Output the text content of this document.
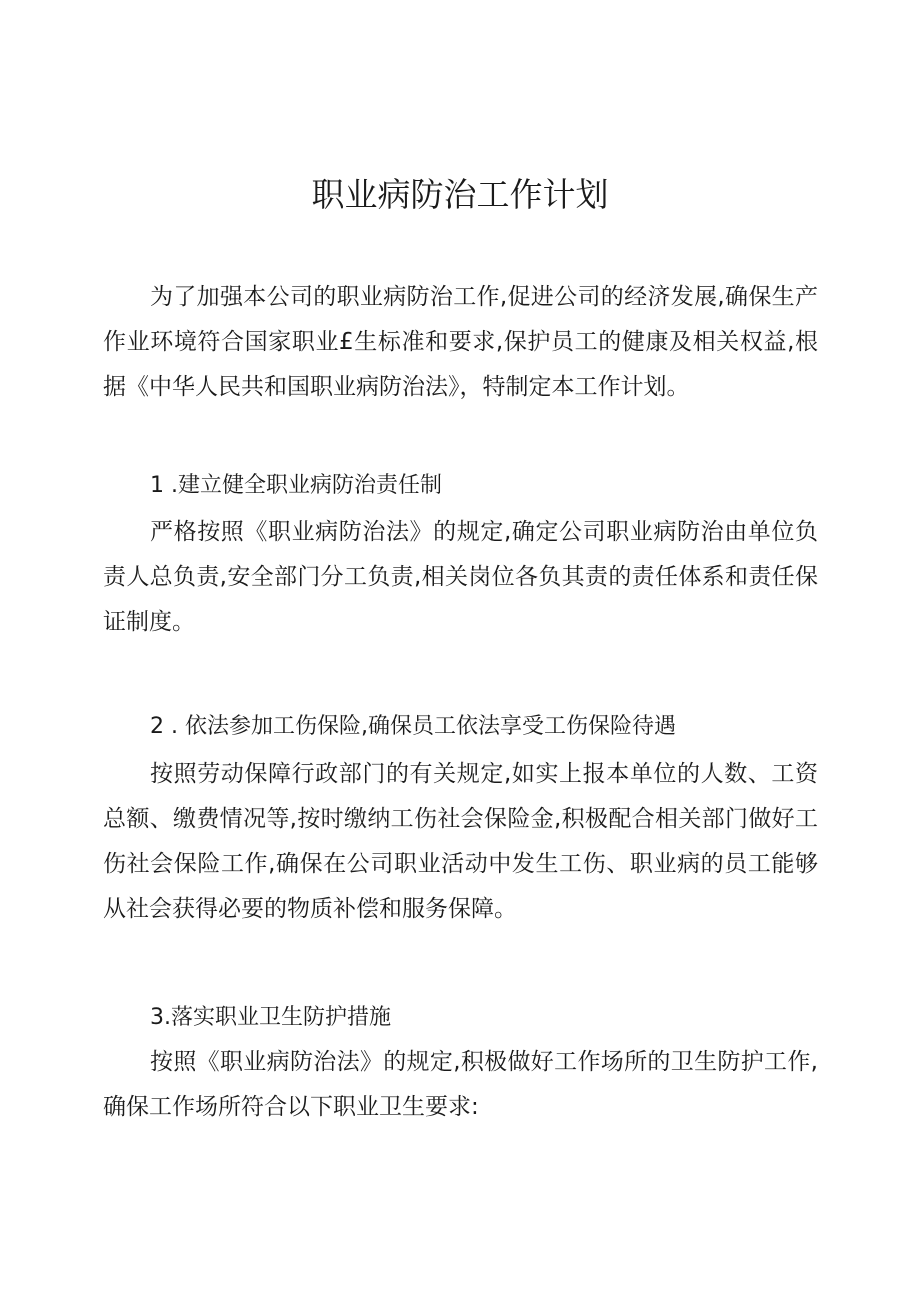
职业病防治工作计划

为了加强本公司的职业病防治工作,促进公司的经济发展,确保生产作业环境符合国家职业£生标准和要求,保护员工的健康及相关权益,根据《中华人民共和国职业病防治法》，特制定本工作计划。

1 .建立健全职业病防治责任制

严格按照《职业病防治法》的规定,确定公司职业病防治由单位负责人总负责,安全部门分工负责,相关岗位各负其责的责任体系和责任保证制度。

2 . 依法参加工伤保险,确保员工依法享受工伤保险待遇

按照劳动保障行政部门的有关规定,如实上报本单位的人数、工资总额、缴费情况等,按时缴纳工伤社会保险金,积极配合相关部门做好工伤社会保险工作,确保在公司职业活动中发生工伤、职业病的员工能够从社会获得必要的物质补偿和服务保障。

3.落实职业卫生防护措施

按照《职业病防治法》的规定,积极做好工作场所的卫生防护工作,确保工作场所符合以下职业卫生要求:
